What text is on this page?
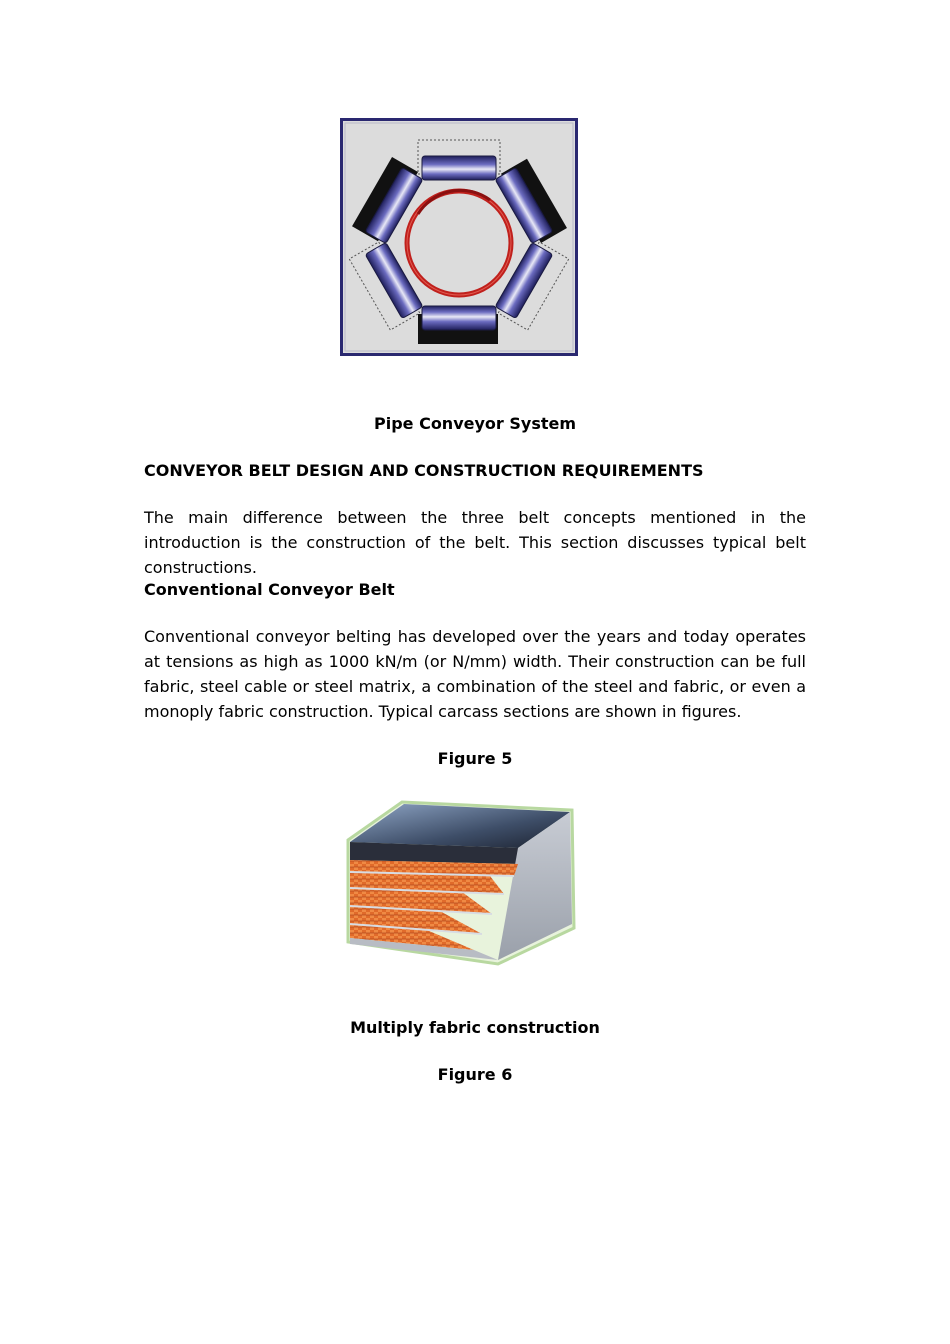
Pipe Conveyor System

CONVEYOR BELT DESIGN AND CONSTRUCTION REQUIREMENTS

The main difference between the three belt concepts mentioned in the introduction is the construction of the belt. This section discusses typical belt constructions.

Conventional Conveyor Belt

Conventional conveyor belting has developed over the years and today operates at tensions as high as 1000 kN/m (or N/mm) width. Their construction can be full fabric, steel cable or steel matrix, a combination of the steel and fabric, or even a monoply fabric construction. Typical carcass sections are shown in figures.

Figure 5

Multiply fabric construction

Figure 6
